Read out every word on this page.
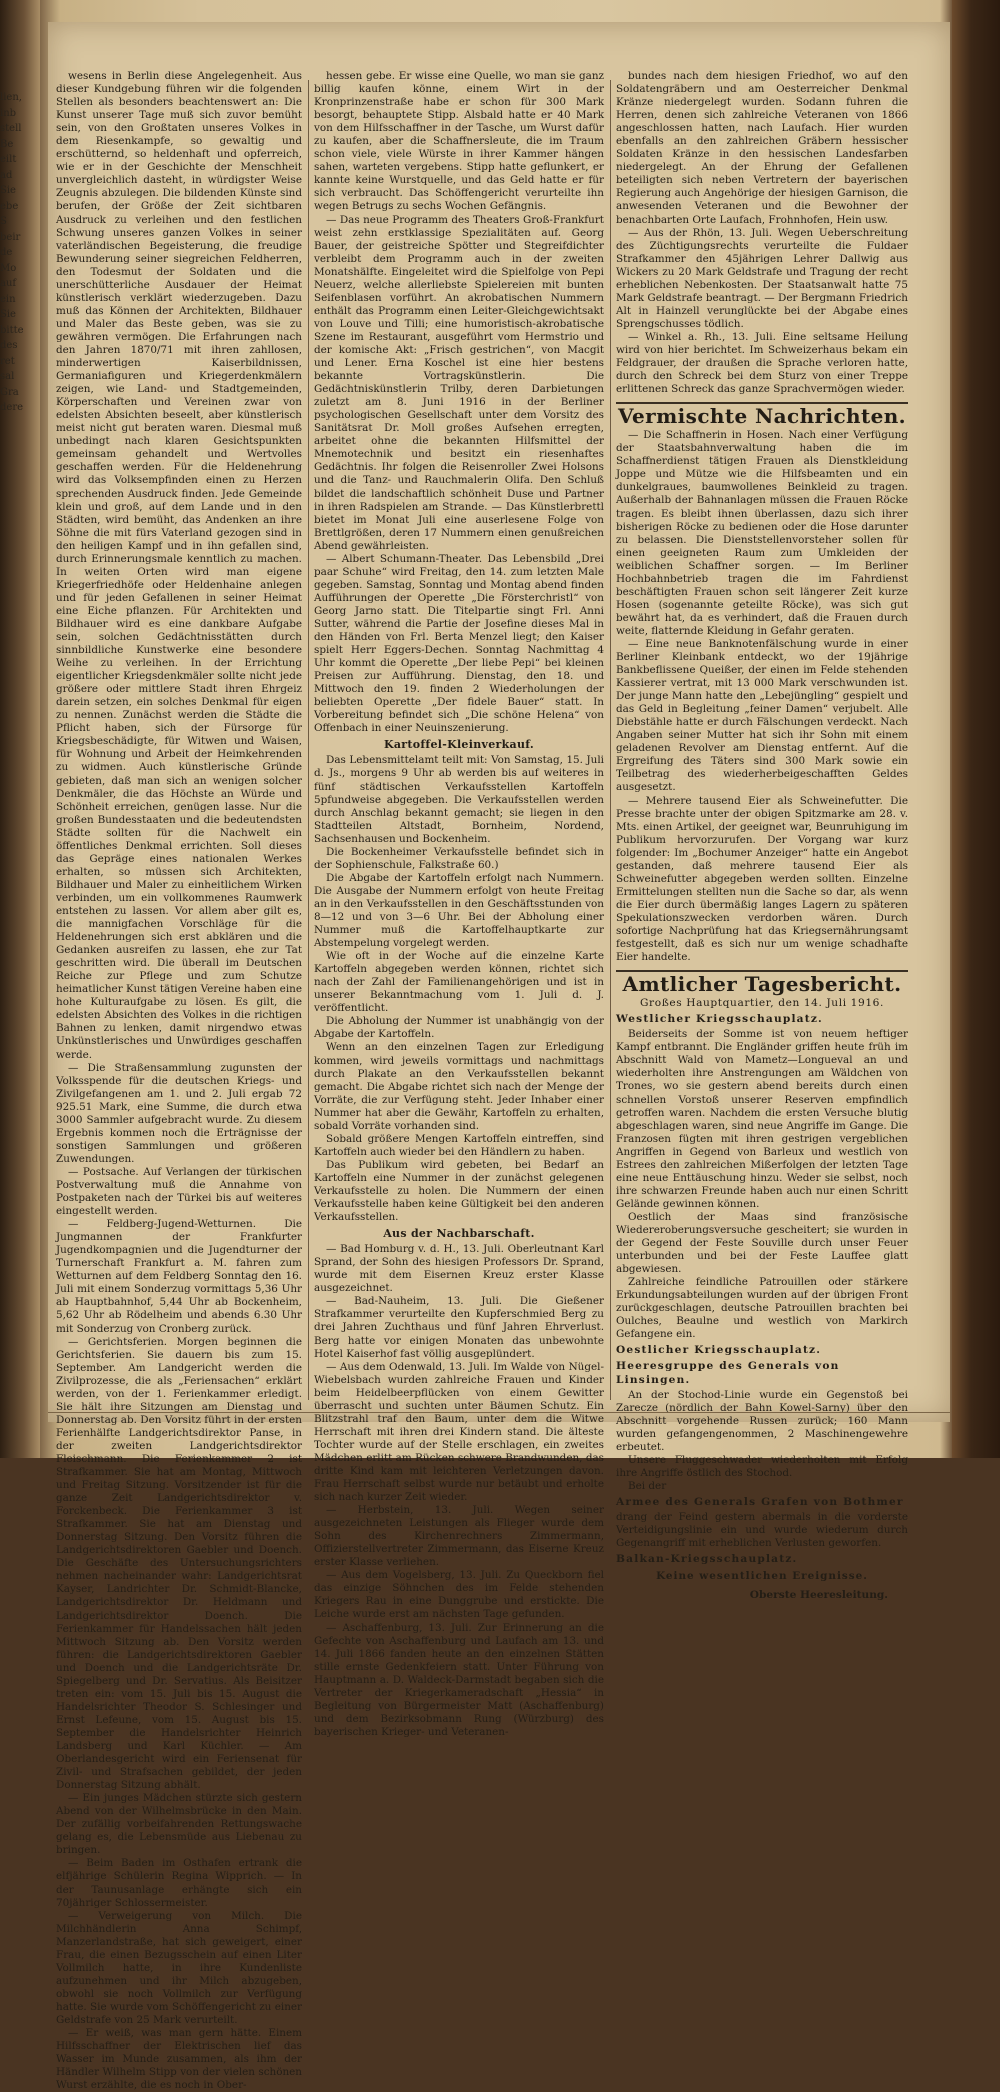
lien,
inb
stell
Be
eilt
ad
Sie
ebe
S
beir
de
Mo
auf
ein
Sie
bitte
des
ret
sal
Gra
dere

wesens in Berlin diese Angelegenheit. Aus dieser Kundgebung führen wir die folgenden Stellen als besonders beachtenswert an: Die Kunst unserer Tage muß sich zuvor bemüht sein, von den Großtaten unseres Volkes in dem Riesenkampfe, so gewaltig und erschütternd, so heldenhaft und opferreich, wie er in der Geschichte der Menschheit unvergleichlich dasteht, in würdigster Weise Zeugnis abzulegen. Die bildenden Künste sind berufen, der Größe der Zeit sichtbaren Ausdruck zu verleihen und den festlichen Schwung unseres ganzen Volkes in seiner vaterländischen Begeisterung, die freudige Bewunderung seiner siegreichen Feldherren, den Todesmut der Soldaten und die unerschütterliche Ausdauer der Heimat künstlerisch verklärt wiederzugeben. Dazu muß das Können der Architekten, Bildhauer und Maler das Beste geben, was sie zu gewähren vermögen. Die Erfahrungen nach den Jahren 1870/71 mit ihren zahllosen, minderwertigen Kaiserbildnissen, Germaniafiguren und Kriegerdenkmälern zeigen, wie Land- und Stadtgemeinden, Körperschaften und Vereinen zwar von edelsten Absichten beseelt, aber künstlerisch meist nicht gut beraten waren. Diesmal muß unbedingt nach klaren Gesichtspunkten gemeinsam gehandelt und Wertvolles geschaffen werden. Für die Heldenehrung wird das Volksempfinden einen zu Herzen sprechenden Ausdruck finden. Jede Gemeinde klein und groß, auf dem Lande und in den Städten, wird bemüht, das Andenken an ihre Söhne die mit fürs Vaterland gezogen sind in den heiligen Kampf und in ihn gefallen sind, durch Erinnerungsmale kenntlich zu machen. In weiten Orten wird man eigene Kriegerfriedhöfe oder Heldenhaine anlegen und für jeden Gefallenen in seiner Heimat eine Eiche pflanzen. Für Architekten und Bildhauer wird es eine dankbare Aufgabe sein, solchen Gedächtnisstätten durch sinnbildliche Kunstwerke eine besondere Weihe zu verleihen. In der Errichtung eigentlicher Kriegsdenkmäler sollte nicht jede größere oder mittlere Stadt ihren Ehrgeiz darein setzen, ein solches Denkmal für eigen zu nennen. Zunächst werden die Städte die Pflicht haben, sich der Fürsorge für Kriegsbeschädigte, für Witwen und Waisen, für Wohnung und Arbeit der Heimkehrenden zu widmen. Auch künstlerische Gründe gebieten, daß man sich an wenigen solcher Denkmäler, die das Höchste an Würde und Schönheit erreichen, genügen lasse. Nur die großen Bundesstaaten und die bedeutendsten Städte sollten für die Nachwelt ein öffentliches Denkmal errichten. Soll dieses das Gepräge eines nationalen Werkes erhalten, so müssen sich Architekten, Bildhauer und Maler zu einheitlichem Wirken verbinden, um ein vollkommenes Raumwerk entstehen zu lassen. Vor allem aber gilt es, die mannigfachen Vorschläge für die Heldenehrungen sich erst abklären und die Gedanken ausreifen zu lassen, ehe zur Tat geschritten wird. Die überall im Deutschen Reiche zur Pflege und zum Schutze heimatlicher Kunst tätigen Vereine haben eine hohe Kulturaufgabe zu lösen. Es gilt, die edelsten Absichten des Volkes in die richtigen Bahnen zu lenken, damit nirgendwo etwas Unkünstlerisches und Unwürdiges geschaffen werde.

— Die Straßensammlung zugunsten der Volksspende für die deutschen Kriegs- und Zivilgefangenen am 1. und 2. Juli ergab 72 925.51 Mark, eine Summe, die durch etwa 3000 Sammler aufgebracht wurde. Zu diesem Ergebnis kommen noch die Erträgnisse der sonstigen Sammlungen und größeren Zuwendungen.

— Postsache. Auf Verlangen der türkischen Postverwaltung muß die Annahme von Postpaketen nach der Türkei bis auf weiteres eingestellt werden.

— Feldberg-Jugend-Wetturnen. Die Jungmannen der Frankfurter Jugendkompagnien und die Jugendturner der Turnerschaft Frankfurt a. M. fahren zum Wetturnen auf dem Feldberg Sonntag den 16. Juli mit einem Sonderzug vormittags 5,36 Uhr ab Hauptbahnhof, 5,44 Uhr ab Bockenheim, 5,62 Uhr ab Rödelheim und abends 6.30 Uhr mit Sonderzug von Cronberg zurück.

— Gerichtsferien. Morgen beginnen die Gerichtsferien. Sie dauern bis zum 15. September. Am Landgericht werden die Zivilprozesse, die als „Feriensachen“ erklärt werden, von der 1. Ferienkammer erledigt. Sie hält ihre Sitzungen am Dienstag und Donnerstag ab. Den Vorsitz führt in der ersten Ferienhälfte Landgerichtsdirektor Panse, in der zweiten Landgerichtsdirektor Fleischmann. Die Ferienkammer 2 ist Strafkammer. Sie hat am Montag, Mittwoch und Freitag Sitzung. Vorsitzender ist für die ganze Zeit Landgerichtsdirektor v. Forckenbeck. Die Ferienkammer 3 ist Strafkammer. Sie hat am Dienstag und Donnerstag Sitzung. Den Vorsitz führen die Landgerichtsdirektoren Gaebler und Doench. Die Geschäfte des Untersuchungsrichters nehmen nacheinander wahr: Landgerichtsrat Kayser, Landrichter Dr. Schmidt-Blancke, Landgerichtsdirektor Dr. Heldmann und Landgerichtsdirektor Doench. Die Ferienkammer für Handelssachen hält jeden Mittwoch Sitzung ab. Den Vorsitz werden führen: die Landgerichtsdirektoren Gaebler und Doench und die Landgerichtsräte Dr. Spiegelberg und Dr. Servatius. Als Beisitzer treten ein: vom 15. Juli bis 15. August die Handelsrichter Theodor S. Schlesinger und Ernst Lefeune, vom 15. August bis 15. September die Handelsrichter Heinrich Landsberg und Karl Küchler. — Am Oberlandesgericht wird ein Feriensenat für Zivil- und Strafsachen gebildet, der jeden Donnerstag Sitzung abhält.

— Ein junges Mädchen stürzte sich gestern Abend von der Wilhelmsbrücke in den Main. Der zufällig vorbeifahrenden Rettungswache gelang es, die Lebensmüde aus Liebenau zu bringen.

— Beim Baden im Osthafen ertrank die elfjährige Schülerin Regina Wipprich. — In der Taunusanlage erhängte sich ein 70jähriger Schlossermeister.

— Verweigerung von Milch. Die Milchhändlerin Anna Schimpf, Manzerlandstraße, hat sich geweigert, einer Frau, die einen Bezugsschein auf einen Liter Vollmilch hatte, in ihre Kundenliste aufzunehmen und ihr Milch abzugeben, obwohl sie noch Vollmilch zur Verfügung hatte. Sie wurde vom Schöffengericht zu einer Geldstrafe von 25 Mark verurteilt.

— Er weiß, was man gern hätte. Einem Hilfsschaffner der Elektrischen lief das Wasser im Munde zusammen, als ihm der Händler Wilhelm Stipp von der vielen schönen Wurst erzählte, die es noch in Ober-

hessen gebe. Er wisse eine Quelle, wo man sie ganz billig kaufen könne, einem Wirt in der Kronprinzenstraße habe er schon für 300 Mark besorgt, behauptete Stipp. Alsbald hatte er 40 Mark von dem Hilfsschaffner in der Tasche, um Wurst dafür zu kaufen, aber die Schaffnersleute, die im Traum schon viele, viele Würste in ihrer Kammer hängen sahen, warteten vergebens. Stipp hatte geflunkert, er kannte keine Wurstquelle, und das Geld hatte er für sich verbraucht. Das Schöffengericht verurteilte ihn wegen Betrugs zu sechs Wochen Gefängnis.

— Das neue Programm des Theaters Groß-Frankfurt weist zehn erstklassige Spezialitäten auf. Georg Bauer, der geistreiche Spötter und Stegreifdichter verbleibt dem Programm auch in der zweiten Monatshälfte. Eingeleitet wird die Spielfolge von Pepi Neuerz, welche allerliebste Spielereien mit bunten Seifenblasen vorführt. An akrobatischen Nummern enthält das Programm einen Leiter-Gleichgewichtsakt von Louve und Tilli; eine humoristisch-akrobatische Szene im Restaurant, ausgeführt vom Hermstrio und der komische Akt: „Frisch gestrichen“, von Macgit und Lener. Erna Koschel ist eine hier bestens bekannte Vortragskünstlerin. Die Gedächtniskünstlerin Trilby, deren Darbietungen zuletzt am 8. Juni 1916 in der Berliner psychologischen Gesellschaft unter dem Vorsitz des Sanitätsrat Dr. Moll großes Aufsehen erregten, arbeitet ohne die bekannten Hilfsmittel der Mnemotechnik und besitzt ein riesenhaftes Gedächtnis. Ihr folgen die Reisenroller Zwei Holsons und die Tanz- und Rauchmalerin Olifa. Den Schluß bildet die landschaftlich schönheit Duse und Partner in ihren Radspielen am Strande. — Das Künstlerbrettl bietet im Monat Juli eine auserlesene Folge von Brettlgrößen, deren 17 Nummern einen genußreichen Abend gewährleisten.

— Albert Schumann-Theater. Das Lebensbild „Drei paar Schuhe“ wird Freitag, den 14. zum letzten Male gegeben. Samstag, Sonntag und Montag abend finden Aufführungen der Operette „Die Försterchristl“ von Georg Jarno statt. Die Titelpartie singt Frl. Anni Sutter, während die Partie der Josefine dieses Mal in den Händen von Frl. Berta Menzel liegt; den Kaiser spielt Herr Eggers-Dechen. Sonntag Nachmittag 4 Uhr kommt die Operette „Der liebe Pepi“ bei kleinen Preisen zur Aufführung. Dienstag, den 18. und Mittwoch den 19. finden 2 Wiederholungen der beliebten Operette „Der fidele Bauer“ statt. In Vorbereitung befindet sich „Die schöne Helena“ von Offenbach in einer Neuinszenierung.

Kartoffel-Kleinverkauf.

Das Lebensmittelamt teilt mit: Von Samstag, 15. Juli d. Js., morgens 9 Uhr ab werden bis auf weiteres in fünf städtischen Verkaufsstellen Kartoffeln 5pfundweise abgegeben. Die Verkaufsstellen werden durch Anschlag bekannt gemacht; sie liegen in den Stadtteilen Altstadt, Bornheim, Nordend, Sachsenhausen und Bockenheim.

Die Bockenheimer Verkaufsstelle befindet sich in der Sophienschule, Falkstraße 60.)

Die Abgabe der Kartoffeln erfolgt nach Nummern. Die Ausgabe der Nummern erfolgt von heute Freitag an in den Verkaufsstellen in den Geschäftsstunden von 8—12 und von 3—6 Uhr. Bei der Abholung einer Nummer muß die Kartoffelhauptkarte zur Abstempelung vorgelegt werden.

Wie oft in der Woche auf die einzelne Karte Kartoffeln abgegeben werden können, richtet sich nach der Zahl der Familienangehörigen und ist in unserer Bekanntmachung vom 1. Juli d. J. veröffentlicht.

Die Abholung der Nummer ist unabhängig von der Abgabe der Kartoffeln.

Wenn an den einzelnen Tagen zur Erledigung kommen, wird jeweils vormittags und nachmittags durch Plakate an den Verkaufsstellen bekannt gemacht. Die Abgabe richtet sich nach der Menge der Vorräte, die zur Verfügung steht. Jeder Inhaber einer Nummer hat aber die Gewähr, Kartoffeln zu erhalten, sobald Vorräte vorhanden sind.

Sobald größere Mengen Kartoffeln eintreffen, sind Kartoffeln auch wieder bei den Händlern zu haben.

Das Publikum wird gebeten, bei Bedarf an Kartoffeln eine Nummer in der zunächst gelegenen Verkaufsstelle zu holen. Die Nummern der einen Verkaufsstelle haben keine Gültigkeit bei den anderen Verkaufsstellen.

Aus der Nachbarschaft.

— Bad Homburg v. d. H., 13. Juli. Oberleutnant Karl Sprand, der Sohn des hiesigen Professors Dr. Sprand, wurde mit dem Eisernen Kreuz erster Klasse ausgezeichnet.

— Bad-Nauheim, 13. Juli. Die Gießener Strafkammer verurteilte den Kupferschmied Berg zu drei Jahren Zuchthaus und fünf Jahren Ehrverlust. Berg hatte vor einigen Monaten das unbewohnte Hotel Kaiserhof fast völlig ausgeplündert.

— Aus dem Odenwald, 13. Juli. Im Walde von Nügel-Wiebelsbach wurden zahlreiche Frauen und Kinder beim Heidelbeerpflücken von einem Gewitter überrascht und suchten unter Bäumen Schutz. Ein Blitzstrahl traf den Baum, unter dem die Witwe Herrschaft mit ihren drei Kindern stand. Die älteste Tochter wurde auf der Stelle erschlagen, ein zweites Mädchen erlitt am Rücken schwere Brandwunden, das dritte Kind kam mit leichteren Verletzungen davon. Frau Herrschaft selbst wurde nur betäubt und erholte sich nach kurzer Zeit wieder.

— Herbstein, 13. Juli. Wegen seiner ausgezeichneten Leistungen als Flieger wurde dem Sohn des Kirchenrechners Zimmermann, Offizierstellvertreter Zimmermann, das Eiserne Kreuz erster Klasse verliehen.

— Aus dem Vogelsberg, 13. Juli. Zu Queckborn fiel das einzige Söhnchen des im Felde stehenden Kriegers Rau in eine Dunggrube und erstickte. Die Leiche wurde erst am nächsten Tage gefunden.

— Aschaffenburg, 13. Juli. Zur Erinnerung an die Gefechte von Aschaffenburg und Laufach am 13. und 14. Juli 1866 fanden heute an den einzelnen Stätten stille ernste Gedenkfeiern statt. Unter Führung von Hauptmann a. D. Waldeck-Darmstadt begaben sich die Vertreter der Kriegerkameradschaft „Hessia“ in Begleitung von Bürgermeister Matt (Aschaffenburg) und dem Bezirksobmann Rung (Würzburg) des bayerischen Krieger- und Veteranen-

bundes nach dem hiesigen Friedhof, wo auf den Soldatengräbern und am Oesterreicher Denkmal Kränze niedergelegt wurden. Sodann fuhren die Herren, denen sich zahlreiche Veteranen von 1866 angeschlossen hatten, nach Laufach. Hier wurden ebenfalls an den zahlreichen Gräbern hessischer Soldaten Kränze in den hessischen Landesfarben niedergelegt. An der Ehrung der Gefallenen beteiligten sich neben Vertretern der bayerischen Regierung auch Angehörige der hiesigen Garnison, die anwesenden Veteranen und die Bewohner der benachbarten Orte Laufach, Frohnhofen, Hein usw.

— Aus der Rhön, 13. Juli. Wegen Ueberschreitung des Züchtigungsrechts verurteilte die Fuldaer Strafkammer den 45jährigen Lehrer Dallwig aus Wickers zu 20 Mark Geldstrafe und Tragung der recht erheblichen Nebenkosten. Der Staatsanwalt hatte 75 Mark Geldstrafe beantragt. — Der Bergmann Friedrich Alt in Hainzell verunglückte bei der Abgabe eines Sprengschusses tödlich.

— Winkel a. Rh., 13. Juli. Eine seltsame Heilung wird von hier berichtet. Im Schweizerhaus bekam ein Feldgrauer, der draußen die Sprache verloren hatte, durch den Schreck bei dem Sturz von einer Treppe erlittenen Schreck das ganze Sprachvermögen wieder.

Vermischte Nachrichten.

— Die Schaffnerin in Hosen. Nach einer Verfügung der Staatsbahnverwaltung haben die im Schaffnerdienst tätigen Frauen als Dienstkleidung Joppe und Mütze wie die Hilfsbeamten und ein dunkelgraues, baumwollenes Beinkleid zu tragen. Außerhalb der Bahnanlagen müssen die Frauen Röcke tragen. Es bleibt ihnen überlassen, dazu sich ihrer bisherigen Röcke zu bedienen oder die Hose darunter zu belassen. Die Dienststellenvorsteher sollen für einen geeigneten Raum zum Umkleiden der weiblichen Schaffner sorgen. — Im Berliner Hochbahnbetrieb tragen die im Fahrdienst beschäftigten Frauen schon seit längerer Zeit kurze Hosen (sogenannte geteilte Röcke), was sich gut bewährt hat, da es verhindert, daß die Frauen durch weite, flatternde Kleidung in Gefahr geraten.

— Eine neue Banknotenfälschung wurde in einer Berliner Kleinbank entdeckt, wo der 19jährige Bankbeflissene Queißer, der einen im Felde stehenden Kassierer vertrat, mit 13 000 Mark verschwunden ist. Der junge Mann hatte den „Lebejüngling“ gespielt und das Geld in Begleitung „feiner Damen“ verjubelt. Alle Diebstähle hatte er durch Fälschungen verdeckt. Nach Angaben seiner Mutter hat sich ihr Sohn mit einem geladenen Revolver am Dienstag entfernt. Auf die Ergreifung des Täters sind 300 Mark sowie ein Teilbetrag des wiederherbeigeschafften Geldes ausgesetzt.

— Mehrere tausend Eier als Schweinefutter. Die Presse brachte unter der obigen Spitzmarke am 28. v. Mts. einen Artikel, der geeignet war, Beunruhigung im Publikum hervorzurufen. Der Vorgang war kurz folgender: Im „Bochumer Anzeiger“ hatte ein Angebot gestanden, daß mehrere tausend Eier als Schweinefutter abgegeben werden sollten. Einzelne Ermittelungen stellten nun die Sache so dar, als wenn die Eier durch übermäßig langes Lagern zu späteren Spekulationszwecken verdorben wären. Durch sofortige Nachprüfung hat das Kriegsernährungsamt festgestellt, daß es sich nur um wenige schadhafte Eier handelte.

Amtlicher Tagesbericht.
Großes Hauptquartier, den 14. Juli 1916.
Westlicher Kriegsschauplatz.

Beiderseits der Somme ist von neuem heftiger Kampf entbrannt. Die Engländer griffen heute früh im Abschnitt Wald von Mametz—Longueval an und wiederholten ihre Anstrengungen am Wäldchen von Trones, wo sie gestern abend bereits durch einen schnellen Vorstoß unserer Reserven empfindlich getroffen waren. Nachdem die ersten Versuche blutig abgeschlagen waren, sind neue Angriffe im Gange. Die Franzosen fügten mit ihren gestrigen vergeblichen Angriffen in Gegend von Barleux und westlich von Estrees den zahlreichen Mißerfolgen der letzten Tage eine neue Enttäuschung hinzu. Weder sie selbst, noch ihre schwarzen Freunde haben auch nur einen Schritt Gelände gewinnen können.

Oestlich der Maas sind französische Wiedereroberungsversuche gescheitert; sie wurden in der Gegend der Feste Souville durch unser Feuer unterbunden und bei der Feste Lauffee glatt abgewiesen.

Zahlreiche feindliche Patrouillen oder stärkere Erkundungsabteilungen wurden auf der übrigen Front zurückgeschlagen, deutsche Patrouillen brachten bei Oulches, Beaulne und westlich von Markirch Gefangene ein.

Oestlicher Kriegsschauplatz.
Heeresgruppe des Generals von Linsingen.

An der Stochod-Linie wurde ein Gegenstoß bei Zarecze (nördlich der Bahn Kowel-Sarny) über den Abschnitt vorgehende Russen zurück; 160 Mann wurden gefangengenommen, 2 Maschinengewehre erbeutet.

Unsere Fluggeschwader wiederholten mit Erfolg ihre Angriffe östlich des Stochod.

Bei der

Armee des Generals Grafen von Bothmer

drang der Feind gestern abermals in die vorderste Verteidigungslinie ein und wurde wiederum durch Gegenangriff mit erheblichen Verlusten geworfen.

Balkan-Kriegsschauplatz.
Keine wesentlichen Ereignisse.
Oberste Heeresleitung.
